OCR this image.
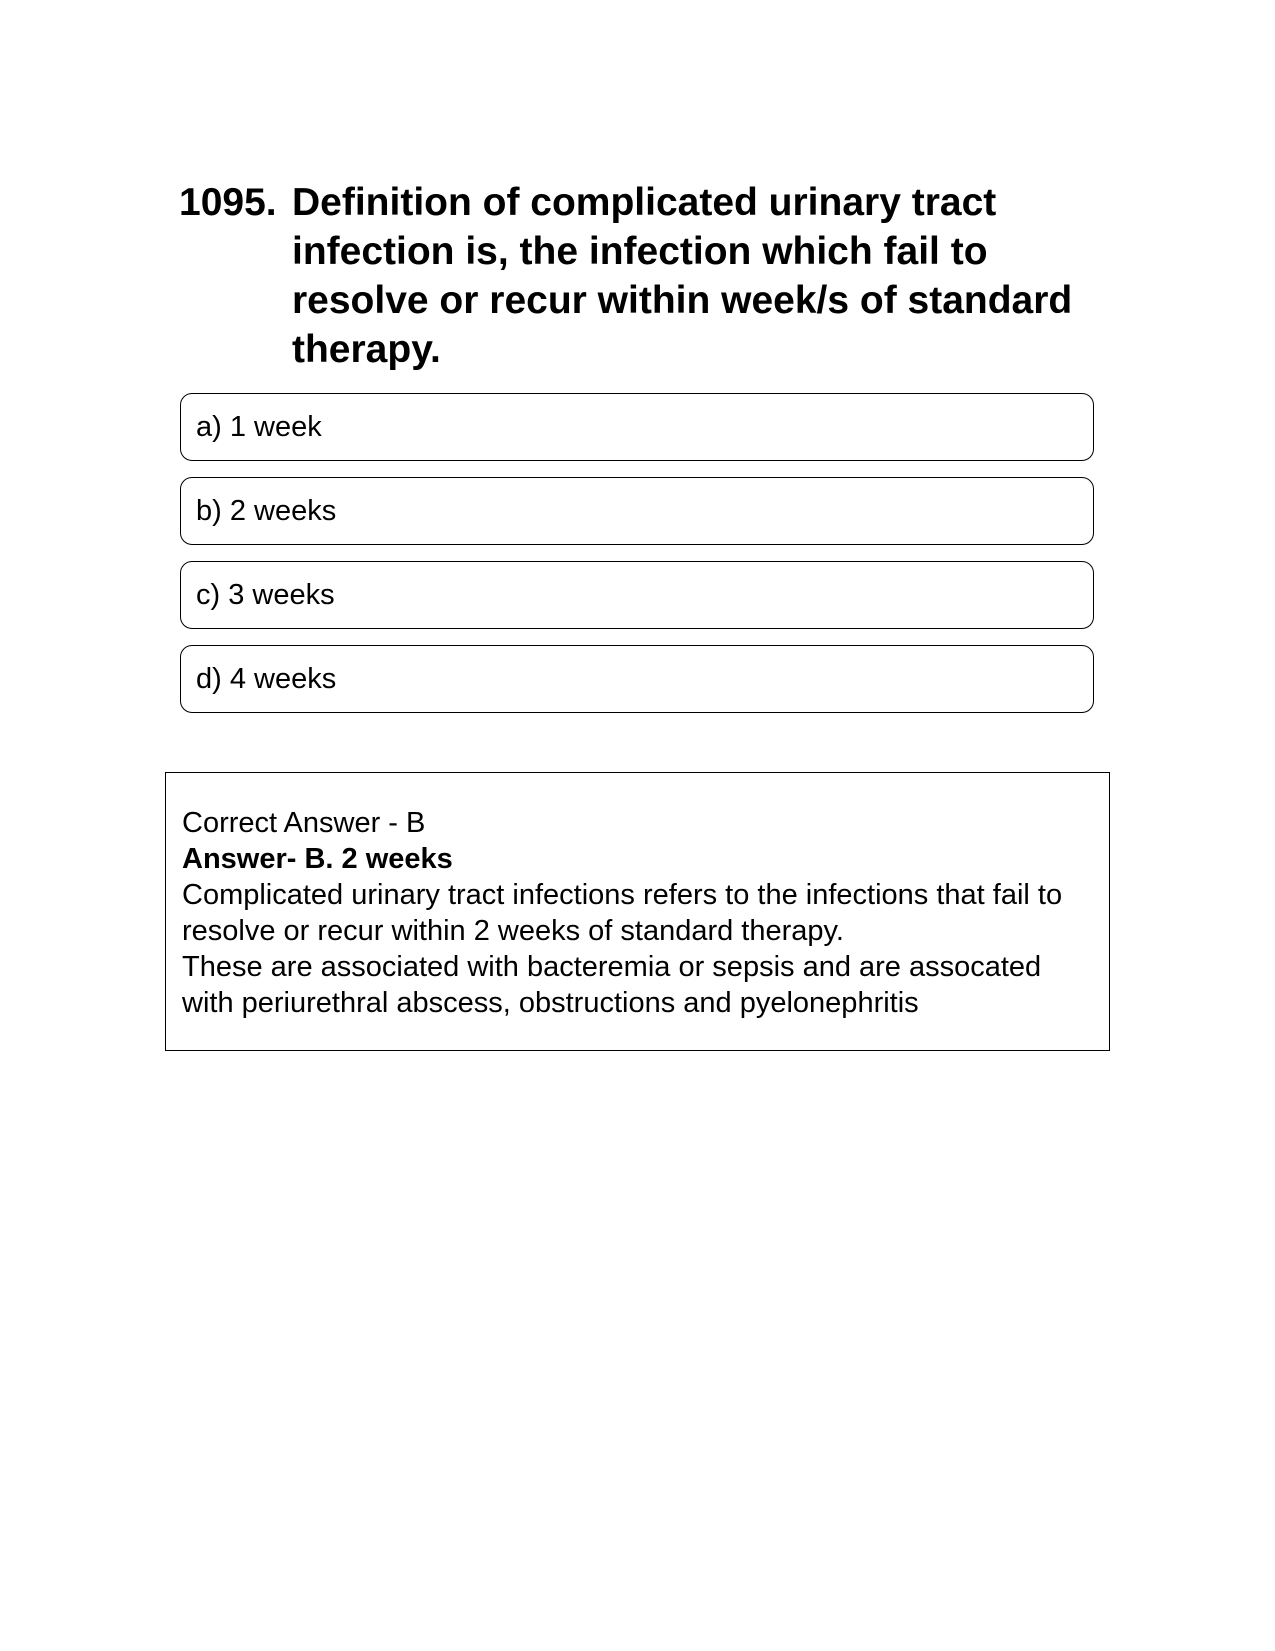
1095. Definition of complicated urinary tract infection is, the infection which fail to resolve or recur within week/s of standard therapy.
a) 1 week
b) 2 weeks
c) 3 weeks
d) 4 weeks

Correct Answer - B

Answer- B. 2 weeks

Complicated urinary tract infections refers to the infections that fail to resolve or recur within 2 weeks of standard therapy.

These are associated with bacteremia or sepsis and are assocated with periurethral abscess, obstructions and pyelonephritis
